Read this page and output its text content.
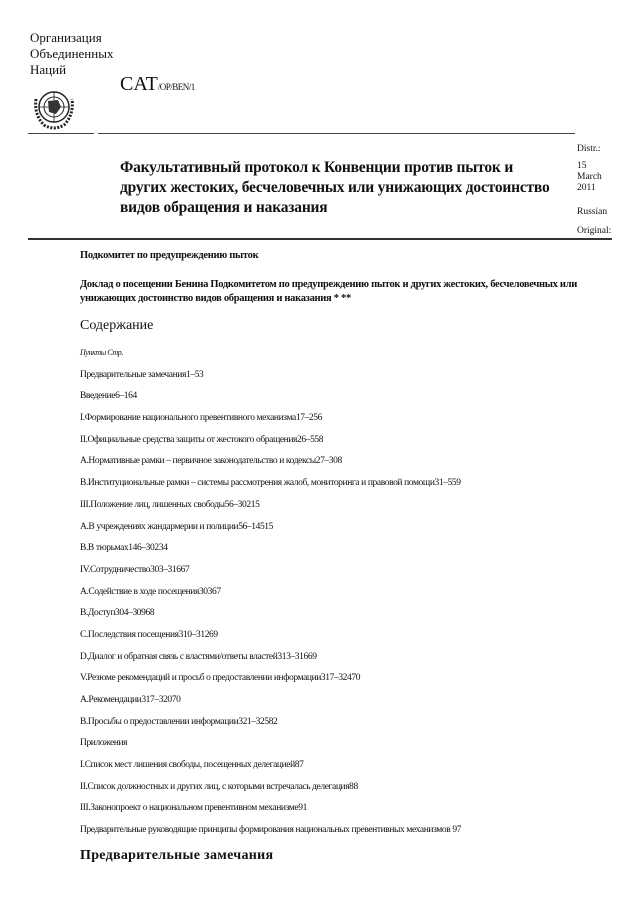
Организация
Объединенных
Наций
CAT/OP/BEN/1
Distr.:
15
March
2011
Russian
Original:
Факультативный протокол к Конвенции против пыток и других жестоких, бесчеловечных или унижающих достоинство видов обращения и наказания
Подкомитет по предупреждению пыток
Доклад о посещении Бенина Подкомитетом по предупреждению пыток и других жестоких, бесчеловечных или унижающих достоинство видов обращения и наказания * **
Содержание
Пункты Стр.
Предварительные замечания1–53
Введение6–164
I.Формирование национального превентивного механизма17–256
II.Официальные средства защиты от жестокого обращения26–558
A.Нормативные рамки – первичное законодательство и кодексы27–308
B.Институциональные рамки – системы рассмотрения жалоб, мониторинга и правовой помощи31–559
III.Положение лиц, лишенных свободы56–30215
A.В учреждениях жандармерии и полиции56–14515
B.В тюрьмах146–30234
IV.Сотрудничество303–31667
A.Содействие в ходе посещения30367
B.Доступ304–30968
C.Последствия посещения310–31269
D.Диалог и обратная связь с властями/ответы властей313–31669
V.Резюме рекомендаций и просьб о предоставлении информации317–32470
A.Рекомендации317–32070
B.Просьбы о предоставлении информации321–32582
Приложения
I.Список мест лишения свободы, посещенных делегацией87
II.Список должностных и других лиц, с которыми встречалась делегация88
III.Законопроект о национальном превентивном механизме91
Предварительные руководящие принципы формирования национальных превентивных механизмов 97
Предварительные замечания
